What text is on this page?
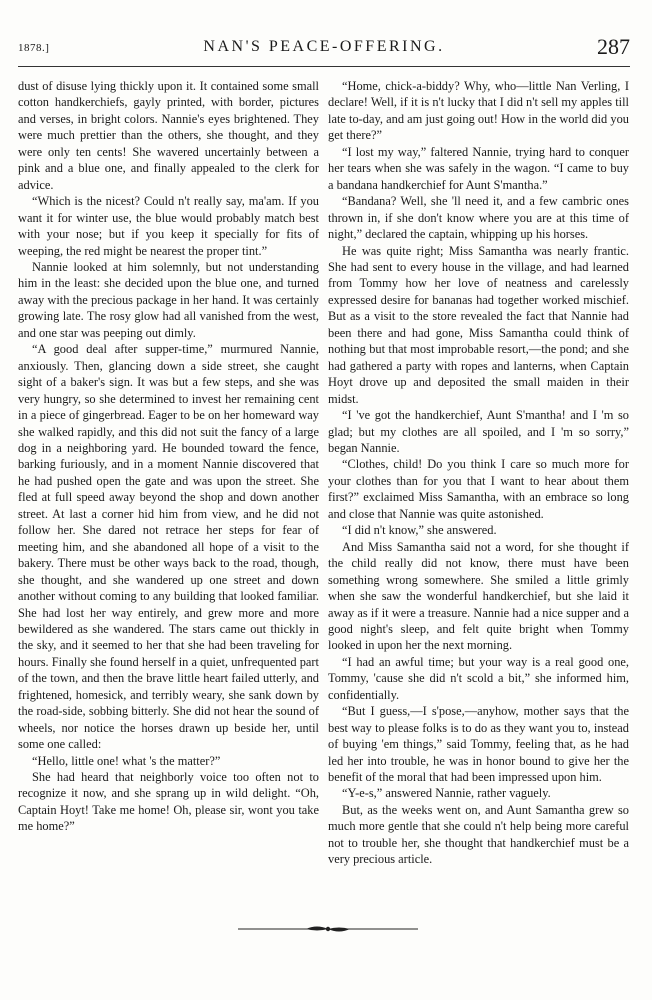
1878.]	NAN'S PEACE-OFFERING.	287

dust of disuse lying thickly upon it. It contained some small cotton handkerchiefs, gayly printed, with border, pictures and verses, in bright colors. Nannie's eyes brightened. They were much prettier than the others, she thought, and they were only ten cents! She wavered uncertainly between a pink and a blue one, and finally appealed to the clerk for advice.

“Which is the nicest? Could n't really say, ma'am. If you want it for winter use, the blue would probably match best with your nose; but if you keep it specially for fits of weeping, the red might be nearest the proper tint.”

Nannie looked at him solemnly, but not understanding him in the least: she decided upon the blue one, and turned away with the precious package in her hand. It was certainly growing late. The rosy glow had all vanished from the west, and one star was peeping out dimly.

“A good deal after supper-time,” murmured Nannie, anxiously. Then, glancing down a side street, she caught sight of a baker's sign. It was but a few steps, and she was very hungry, so she determined to invest her remaining cent in a piece of gingerbread. Eager to be on her homeward way she walked rapidly, and this did not suit the fancy of a large dog in a neighboring yard. He bounded toward the fence, barking furiously, and in a moment Nannie discovered that he had pushed open the gate and was upon the street. She fled at full speed away beyond the shop and down another street. At last a corner hid him from view, and he did not follow her. She dared not retrace her steps for fear of meeting him, and she abandoned all hope of a visit to the bakery. There must be other ways back to the road, though, she thought, and she wandered up one street and down another without coming to any building that looked familiar. She had lost her way entirely, and grew more and more bewildered as she wandered. The stars came out thickly in the sky, and it seemed to her that she had been traveling for hours. Finally she found herself in a quiet, unfrequented part of the town, and then the brave little heart failed utterly, and frightened, homesick, and terribly weary, she sank down by the road-side, sobbing bitterly. She did not hear the sound of wheels, nor notice the horses drawn up beside her, until some one called:

“Hello, little one! what 's the matter?”

She had heard that neighborly voice too often not to recognize it now, and she sprang up in wild delight. “Oh, Captain Hoyt! Take me home! Oh, please sir, wont you take me home?”

“Home, chick-a-biddy? Why, who—little Nan Verling, I declare! Well, if it is n't lucky that I did n't sell my apples till late to-day, and am just going out! How in the world did you get there?”

“I lost my way,” faltered Nannie, trying hard to conquer her tears when she was safely in the wagon. “I came to buy a bandana handkerchief for Aunt S'mantha.”

“Bandana? Well, she 'll need it, and a few cambric ones thrown in, if she don't know where you are at this time of night,” declared the captain, whipping up his horses.

He was quite right; Miss Samantha was nearly frantic. She had sent to every house in the village, and had learned from Tommy how her love of neatness and carelessly expressed desire for bananas had together worked mischief. But as a visit to the store revealed the fact that Nannie had been there and had gone, Miss Samantha could think of nothing but that most improbable resort,—the pond; and she had gathered a party with ropes and lanterns, when Captain Hoyt drove up and deposited the small maiden in their midst.

“I 've got the handkerchief, Aunt S'mantha! and I 'm so glad; but my clothes are all spoiled, and I 'm so sorry,” began Nannie.

“Clothes, child! Do you think I care so much more for your clothes than for you that I want to hear about them first?” exclaimed Miss Samantha, with an embrace so long and close that Nannie was quite astonished.

“I did n't know,” she answered.

And Miss Samantha said not a word, for she thought if the child really did not know, there must have been something wrong somewhere. She smiled a little grimly when she saw the wonderful handkerchief, but she laid it away as if it were a treasure. Nannie had a nice supper and a good night's sleep, and felt quite bright when Tommy looked in upon her the next morning.

“I had an awful time; but your way is a real good one, Tommy, 'cause she did n't scold a bit,” she informed him, confidentially.

“But I guess,—I s'pose,—anyhow, mother says that the best way to please folks is to do as they want you to, instead of buying 'em things,” said Tommy, feeling that, as he had led her into trouble, he was in honor bound to give her the benefit of the moral that had been impressed upon him.

“Y-e-s,” answered Nannie, rather vaguely.

But, as the weeks went on, and Aunt Samantha grew so much more gentle that she could n't help being more careful not to trouble her, she thought that handkerchief must be a very precious article.
